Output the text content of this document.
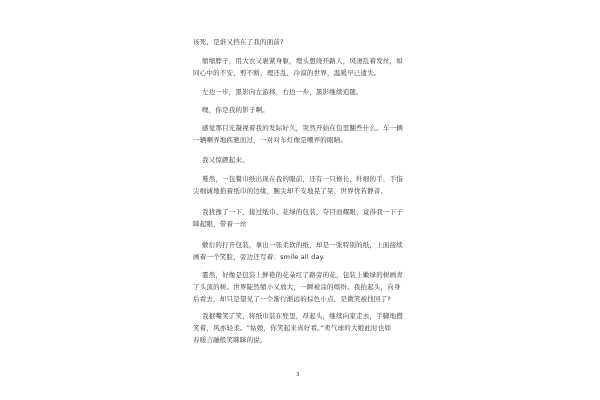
该死，是谁又挡在了我的面前?
缩缩脖子，用大衣又裹紧身躯，埋头想绕开路人，风凄乱着发丝，如
同心中的不安，剪不断，理还乱，冷漠的世界，温暖早已遗失。
左边一步，黑影向左游移，右边一步，黑影继续追随。
噢，你是我的影子啊。
感觉那目光凝视着我的发际好久，突然开始在包里翻些什么。车一辆
一辆喇弄地疾驰而过，一对对车灯像是嘲弄的眼睛。
我又惊踱起来。
蓦然，一包餐巾纸出现在我的眼前，还有一只修长、纤细的手，手指
尖细诚地掐着纸巾的边缘，腕尖却不安地晃了晃，世界忧若静音。
我犹豫了一下，接过纸巾、花绿的包装，夺目而耀眼，竟得我一下子
眯起眼，带着一丝
敷衍的打开包装，拿出一张柔软的纸，却是一张特别的纸，上面接续
画着一个笑脸，旁边还写着：smile all day.
霎然，好像是包装上鲜艳的花朵红了路旁的花，包装上嫩绿的树画青
了头顶的树。世界陡然缩小又放大，一瞬被涂的缤纷。我抬起头，向身
后看去，却只是望见了一个渐行渐远的棕色小点，是微笑被找回了?
我抿嘴笑了笑，将纸巾装在兜里，昂起头，继续向家走去，手脚地攒
笑着，风亦轻柔。“姑娘，你笑起来真好看。”卖气球的大娘此时也如
春暖言融般笑眯眯的说。
3
